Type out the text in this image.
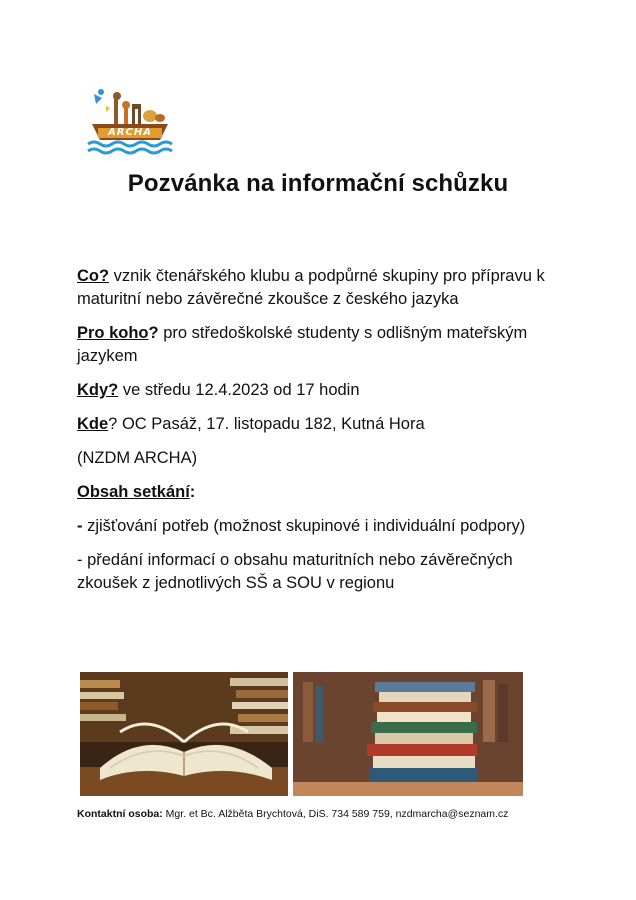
ARCHA
Pozvánka na informační schůzku

Co? vznik čtenářského klubu a podpůrné skupiny pro přípravu k maturitní nebo závěrečné zkoušce z českého jazyka

Pro koho? pro středoškolské studenty s odlišným mateřským jazykem

Kdy? ve středu 12.4.2023 od 17 hodin

Kde? OC Pasáž, 17. listopadu 182, Kutná Hora

(NZDM ARCHA)

Obsah setkání:

- zjišťování potřeb (možnost skupinové i individuální podpory)

- předání informací o obsahu maturitních nebo závěrečných zkoušek z jednotlivých SŠ a SOU v regionu

Kontaktní osoba: Mgr. et Bc. Alžběta Brychtová, DiS. 734 589 759, nzdmarcha@seznam.cz
